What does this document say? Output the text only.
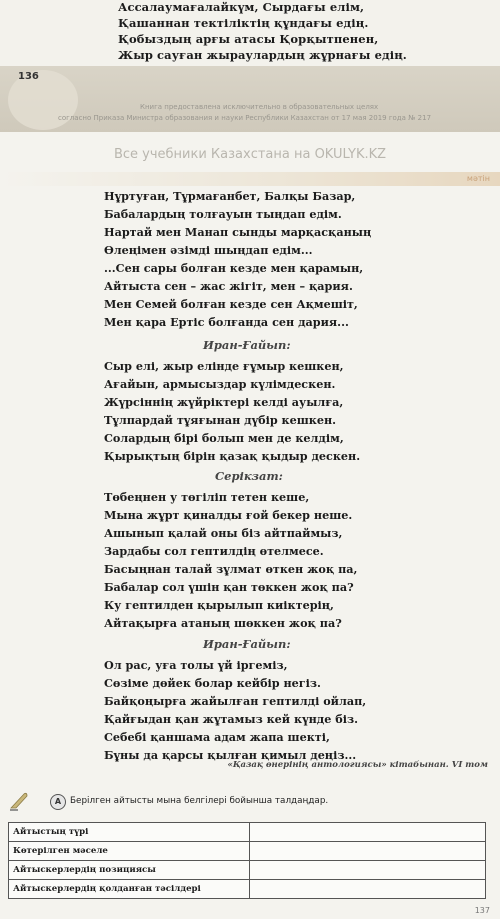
Ассалаумағалайкүм, Сырдағы елім,
Қашаннан тектіліктің құндағы едің.
Қобыздың арғы атасы Қорқытпенен,
Жыр сауған жыраулардың жұрнағы едің.
136
Книга предоставлена исключительно в образовательных целях
согласно Приказа Министра образования и науки Республики Казахстан от 17 мая 2019 года № 217
Все учебники Казахстана на OKULYK.KZ
мәтін
Нұртуған, Тұрмағанбет, Балқы Базар,
Бабалардың толғауын тыңдап едім.
Нартай мен Манап сынды марқасқаның
Өлеңімен әзімді шыңдап едім...
...Сен сары болған кезде мен қарамын,
Айтыста сен – жас жігіт, мен – қария.
Мен Семей болған кезде сен Ақмешіт,
Мен қара Ертіс болғанда сен дария...
Иран-Ғайып:
Сыр елі, жыр елінде ғұмыр кешкен,
Ағайын, армысыздар күлімдескен.
Жүрсіннің жүйріктері келді ауылға,
Тұлпардай тұяғынан дүбір кешкен.
Солардың бірі болып мен де келдім,
Қырықтың бірін қазақ қыдыр дескен.
Серікзат:
Төбеңнен у төгіліп тетен кеше,
Мына жұрт қиналды ғой бекер неше.
Ашынып қалай оны біз айтпаймыз,
Зардабы сол гептилдің өтелмесе.
Басыңнан талай зұлмат өткен жоқ па,
Бабалар сол үшін қан төккен жоқ па?
Ку гептилден қырылып киіктерің,
Айтақырға атаның шөккен жоқ па?
Иран-Ғайып:
Ол рас, уға толы үй іргеміз,
Сөзіме дөйек болар кейбір негіз.
Байқоңырға жайылған гептилді ойлап,
Қайғыдан қан жұтамыз кей күнде біз.
Себебі қаншама адам жапа шекті,
Бұны да қарсы қылған қимыл деңіз...
«Қазақ өнерінің антологиясы» кітабынан. VI том
A	Берілген айтысты мына белгілері бойынша талдаңдар.
Айтыстың түрі	
Көтерілген мәселе	
Айтыскерлердің позициясы	
Айтыскерлердің қолданған тәсілдері	
137
